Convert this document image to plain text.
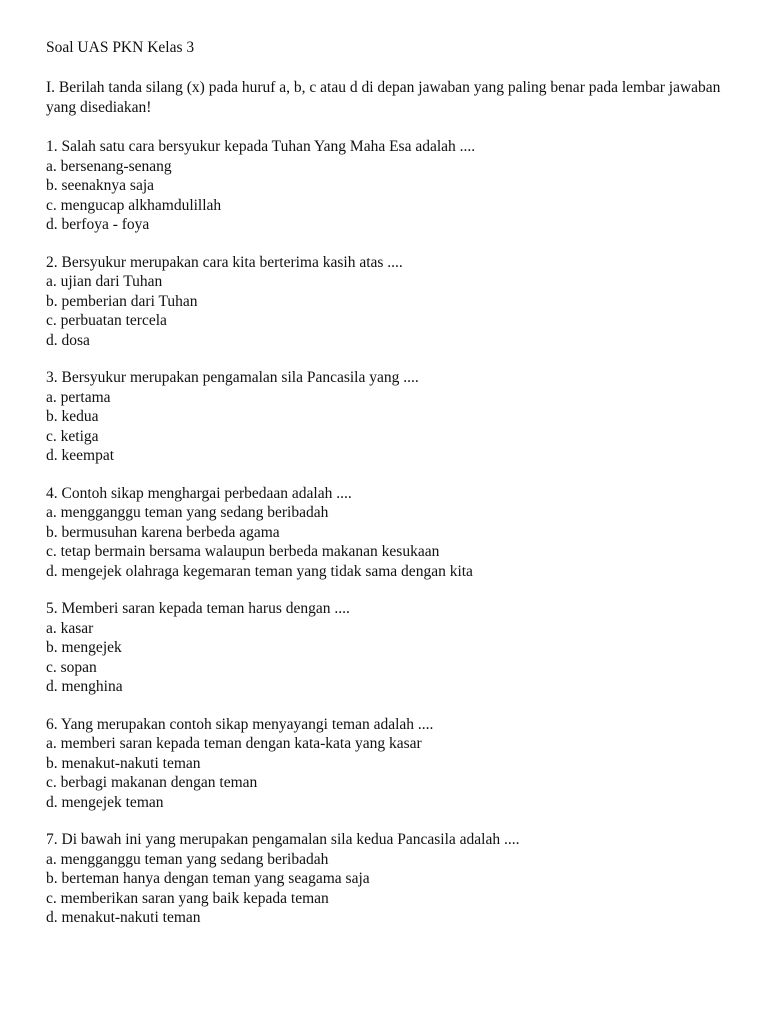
Soal UAS PKN Kelas 3
I. Berilah tanda silang (x) pada huruf a, b, c atau d di depan jawaban yang paling benar pada lembar jawaban yang disediakan!
1. Salah satu cara bersyukur kepada Tuhan Yang Maha Esa adalah ....
a. bersenang-senang
b. seenaknya saja
c. mengucap alkhamdulillah
d. berfoya - foya
2. Bersyukur merupakan cara kita berterima kasih atas ....
a. ujian dari Tuhan
b. pemberian dari Tuhan
c. perbuatan tercela
d. dosa
3. Bersyukur merupakan pengamalan sila Pancasila yang ....
a. pertama
b. kedua
c. ketiga
d. keempat
4. Contoh sikap menghargai perbedaan adalah ....
a. mengganggu teman yang sedang beribadah
b. bermusuhan karena berbeda agama
c. tetap bermain bersama walaupun berbeda makanan kesukaan
d. mengejek olahraga kegemaran teman yang tidak sama dengan kita
5. Memberi saran kepada teman harus dengan ....
a. kasar
b. mengejek
c. sopan
d. menghina
6. Yang merupakan contoh sikap menyayangi teman adalah ....
a. memberi saran kepada teman dengan kata-kata yang kasar
b. menakut-nakuti teman
c. berbagi makanan dengan teman
d. mengejek teman
7. Di bawah ini yang merupakan pengamalan sila kedua Pancasila adalah ....
a. mengganggu teman yang sedang beribadah
b. berteman hanya dengan teman yang seagama saja
c. memberikan saran yang baik kepada teman
d. menakut-nakuti teman
